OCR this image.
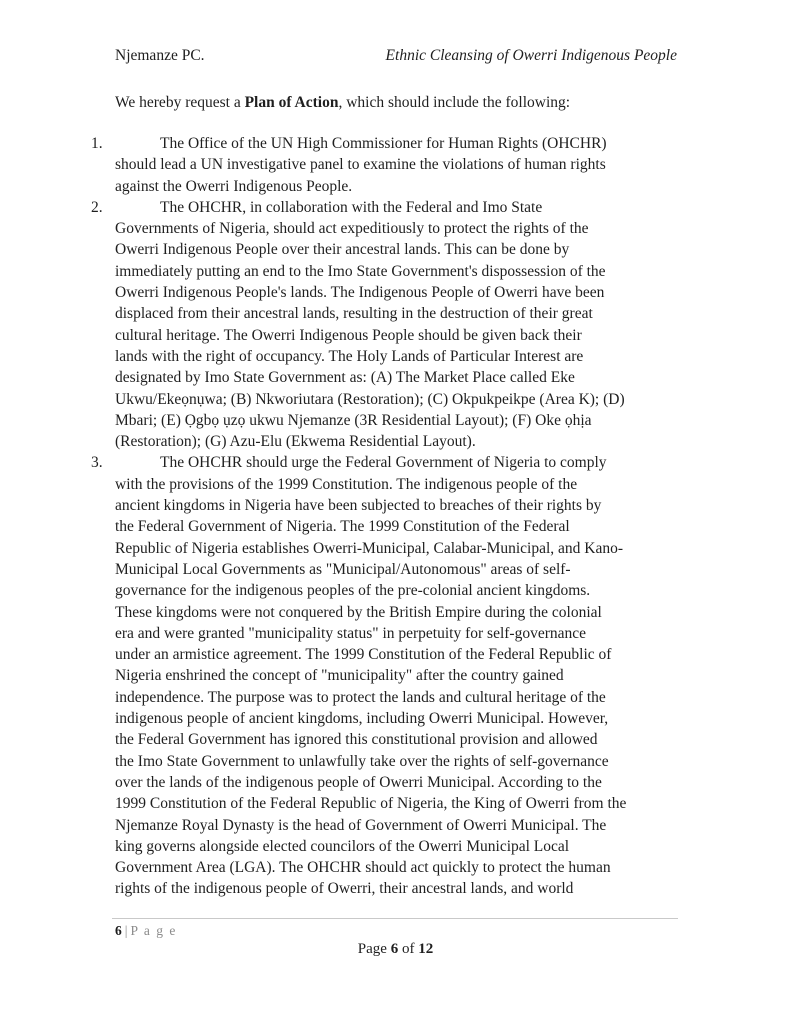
Njemanze PC.	Ethnic Cleansing of Owerri Indigenous People

We hereby request a Plan of Action, which should include the following:

1.	The Office of the UN High Commissioner for Human Rights (OHCHR)
should lead a UN investigative panel to examine the violations of human rights
against the Owerri Indigenous People.
2.	The OHCHR, in collaboration with the Federal and Imo State
Governments of Nigeria, should act expeditiously to protect the rights of the
Owerri Indigenous People over their ancestral lands. This can be done by
immediately putting an end to the Imo State Government's dispossession of the
Owerri Indigenous People's lands. The Indigenous People of Owerri have been
displaced from their ancestral lands, resulting in the destruction of their great
cultural heritage. The Owerri Indigenous People should be given back their
lands with the right of occupancy. The Holy Lands of Particular Interest are
designated by Imo State Government as: (A) The Market Place called Eke
Ukwu/Ekeọnụwa; (B) Nkworiutara (Restoration); (C) Okpukpeikpe (Area K); (D)
Mbari; (E) Ọgbọ ụzọ ukwu Njemanze (3R Residential Layout); (F) Oke ọhịa
(Restoration); (G) Azu-Elu (Ekwema Residential Layout).
3.	The OHCHR should urge the Federal Government of Nigeria to comply
with the provisions of the 1999 Constitution. The indigenous people of the
ancient kingdoms in Nigeria have been subjected to breaches of their rights by
the Federal Government of Nigeria. The 1999 Constitution of the Federal
Republic of Nigeria establishes Owerri-Municipal, Calabar-Municipal, and Kano-
Municipal Local Governments as "Municipal/Autonomous" areas of self-
governance for the indigenous peoples of the pre-colonial ancient kingdoms.
These kingdoms were not conquered by the British Empire during the colonial
era and were granted "municipality status" in perpetuity for self-governance
under an armistice agreement. The 1999 Constitution of the Federal Republic of
Nigeria enshrined the concept of "municipality" after the country gained
independence. The purpose was to protect the lands and cultural heritage of the
indigenous people of ancient kingdoms, including Owerri Municipal. However,
the Federal Government has ignored this constitutional provision and allowed
the Imo State Government to unlawfully take over the rights of self-governance
over the lands of the indigenous people of Owerri Municipal. According to the
1999 Constitution of the Federal Republic of Nigeria, the King of Owerri from the
Njemanze Royal Dynasty is the head of Government of Owerri Municipal. The
king governs alongside elected councilors of the Owerri Municipal Local
Government Area (LGA). The OHCHR should act quickly to protect the human
rights of the indigenous people of Owerri, their ancestral lands, and world
6 | P a g e
Page 6 of 12
